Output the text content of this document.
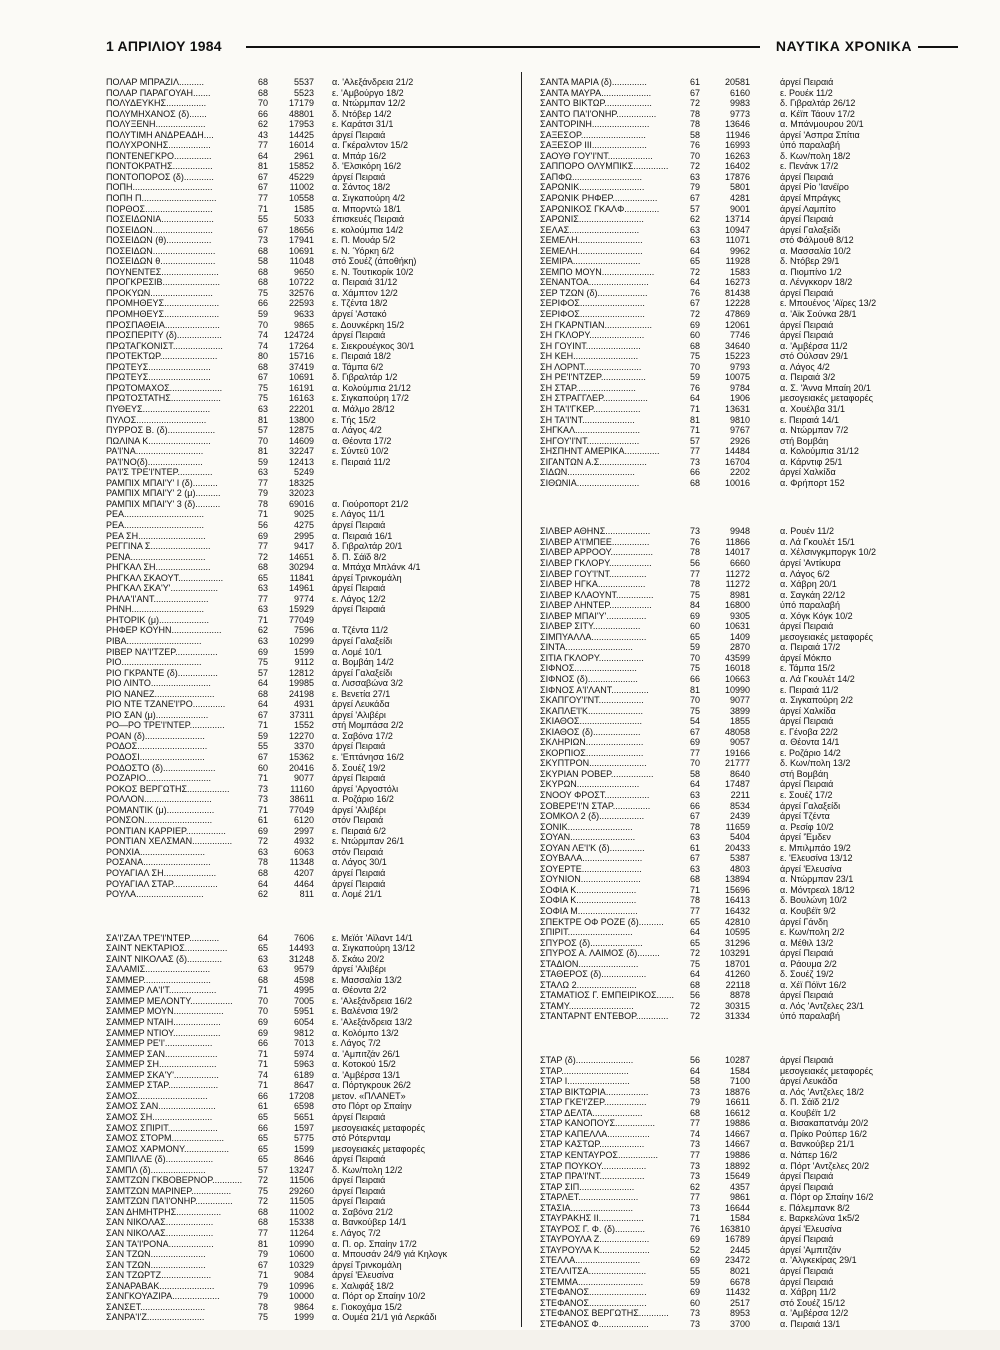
1 ΑΠΡΙΛΙΟΥ 1984	ΝΑΥΤΙΚΑ ΧΡΟΝΙΚΑ
ΠΟΛΑΡ ΜΠΡΑΖΙΛ..........	68	5537 α. 'Αλεξάνδρεια 21/2
ΠΟΛΑΡ ΠΑΡΑΓΟΥΑΗ.......	68	5523 ε. 'Αμβούργο 18/2
ΠΟΛΥΔΕΥΚΗΣ................	70	17179 α. Ντώρμπαν 12/2
ΠΟΛΥΜΗΧΑΝΟΣ (δ).......	66	48801 δ. Ντόβερ 14/2
ΠΟΛΥΞΕΝΗ....................	62	17953 ε. Καράτσι 31/1
ΠΟΛΥΤΙΜΗ ΑΝΔΡΕΑΔΗ....	43	14425 άργεί Πειραιά
ΠΟΛΥΧΡΟΝΗΣ.................	77	16014 α. Γκέραλντον 15/2
ΠΟΝΤΕΝΕΓΚΡΟ...............	64	2961 α. Μπάρ 16/2
ΠΟΝΤΟΚΡΑΤΗΣ................	81	15852 δ. 'Ελσικόρη 16/2
ΠΟΝΤΟΠΟΡΟΣ (δ)............	67	45229 άργεί Πειραιά
ΠΟΠΗ................................	67	11002 α. Σάντος 18/2
ΠΟΠΗ Π..............................	77	10558 α. Σιγκαπούρη 4/2
ΠΟΡΘΟΣ...........................	71	1585 α. Μπορντώ 18/1
ΠΟΣΕΙΔΩΝΙΑ.....................	55	5033 έπισκευές Πειραιά
ΠΟΣΕΙΔΩΝ........................	67	18656 ε. κολούμπια 14/2
ΠΟΣΕΙΔΩΝ (θ)..................	73	17941 ε. Π. Μουάρ 5/2
ΠΟΣΕΙΔΩΝ.........................	68	10691 ε. Ν. Ύόρκη 6/2
ΠΟΣΕΙΔΩΝ θ......................	58	11048 στό Σουέζ (άποθήκη)
ΠΟΥΝΕΝΤΕΣ.......................	68	9650 ε. Ν. Τουτικορίκ 10/2
ΠΡΟΓΚΡΕΣΙΒ.......................	68	10722 α. Πειραιά 31/12
ΠΡΟΚΥΩΝ.........................	75	32576 α. Χάμπτον 12/2
ΠΡΟΜΗΘΕΥΣ......................	66	22593 ε. Τζέντα 18/2
ΠΡΟΜΗΘΕΥΣ......................	59	9633 άργεί 'Αστακό
ΠΡΟΣΠΑΘΕΙΑ......................	70	9865 ε. Δουνκέρκη 15/2
ΠΡΟΣΠΕΡΙΤΥ (δ)..................	74	124724 άργεί Πειραιά
ΠΡΩΤΑΓΚΟΝΙΣΤ....................	74	17264 ε. Σιεκρουέγκος 30/1
ΠΡΟΤΕΚΤΩΡ.......................	80	15716 ε. Πειραιά 18/2
ΠΡΩΤΕΥΣ.........................	68	37419 α. Τάμπα 6/2
ΠΡΩΤΕΥΣ.........................	67	10691 δ. Γιβραλτάρ 1/2
ΠΡΩΤΟΜΑΧΟΣ.....................	75	16191 α. Κολούμπια 21/12
ΠΡΩΤΟΣΤΑΤΗΣ....................	75	16163 ε. Σιγκαπούρη 17/2
ΠΥΘΕΥΣ...........................	63	22201 α. Μάλμο 28/12
ΠΥΛΟΣ............................	81	13800 ε. Τής 15/2
ΠΥΡΡΟΣ Β. (δ)...................	57	12875 α. Λάγος 4/2
ΠΩΛΙΝΑ Κ.........................	70	14609 α. Θέοντα 17/2
ΡΑ'Ι'ΝΑ...........................	81	32247 ε. Σύντεϋ 10/2
ΡΑ'Ι'ΝΟ(δ)......................	59	12413 ε. Πειραιά 11/2
ΡΑ'Ι'Σ ΤΡΕ'Ι'ΝΤΕΡ..............	63	5249
ΡΑΜΠΙΧ ΜΠΑΙ'Υ' Ι (δ)..........	77	18325
ΡΑΜΠΙΧ ΜΠΑΙ'Υ' 2 (μ)..........	79	32023
ΡΑΜΠΙΧ ΜΠΑΙ'Υ' 3 (δ)..........	78	69016 α. Γιούροπορτ 21/2
ΡΕΑ................................	71	9025 ε. Λάγος 11/1
ΡΕΑ................................	56	4275 άργεί Πειραιά
ΡΕΑ ΣΗ...........................	69	2995 α. Πειραιά 16/1
ΡΕΓΓΙΝΑ Σ........................	77	9417 δ. Γιβραλτάρ 20/1
ΡΕΝΑ..............................	72	14651 δ. Π. Σάϊδ 8/2
ΡΗΓΚΑΛ ΣΗ......................	68	30294 α. Μπάχα Μπλάνκ 4/1
ΡΗΓΚΑΛ ΣΚΑΟΥΤ..................	65	11841 άργεί Τρινκομάλη
ΡΗΓΚΑΛ ΣΚΑ'Υ'...................	63	14961 άργεί Πειραιά
ΡΗΛΑ'Ι'ΑΝΤ......................	77	9774 ε. Λάγος 12/2
ΡΗΝΗ.............................	63	15929 άργεί Πειραιά
ΡΗΤΟΡΙΚ (μ)....................	71	77049
ΡΗΦΕΡ ΚΟΥΗΝ....................	62	7596 α. Τζέντα 11/2
ΡΙΒΑ..............................	63	10299 άργεί Γαλαξείδι
ΡΙΒΕΡ ΝΑ'Ι'ΤΖΕΡ.................	69	1599 α. Λομέ 10/1
ΡΙΟ................................	75	9112 α. Βομβάη 14/2
ΡΙΟ ΓΚΡΑΝΤΕ (δ)................	57	12812 άργεί Γαλαξείδι
ΡΙΟ ΛΙΝΤΟ........................	64	19985 α. Λισσαβώνα 3/2
ΡΙΟ ΝΑΝΕΖ........................	68	24198 ε. Βενετία 27/1
ΡΙΟ ΝΤΕ ΤΖΑΝΕ'Ι'ΡΟ.............	64	4931 άργεί Λευκάδα
ΡΙΟ ΣΑΝ (μ).....................	67	37311 άργεί 'Αλιβέρι
ΡΟ—ΡΟ ΤΡΕ'Ι'ΝΤΕΡ..............	71	1552 στή Μομπάσα 2/2
ΡΟΑΝ (δ)........................	59	12270 α. Σαβόνα 17/2
ΡΟΔΟΣ............................	55	3370 άργεί Πειραιά
ΡΟΔΟΣΙ..........................	67	15362 ε. 'Επτάνησα 16/2
ΡΟΔΟΣΤΟ (δ).....................	60	20416 δ. Σουέζ 19/2
ΡΟΖΑΡΙΟ..........................	71	9077 άργεί Πειραιά
ΡΟΚΟΣ ΒΕΡΓΩΤΗΣ.................	73	11160 άργεί 'Αργοστόλι
ΡΟΛΛΟΝ...........................	73	38611 α. Ροζάριο 16/2
ΡΟΜΑΝΤΙΚ (μ)...................	71	77049 άργεί 'Αλιβέρι
ΡΟΝΣΟΝ...........................	61	6120 στόν Πειραιά
ΡΟΝΤΙΑΝ ΚΑΡΡΙΕΡ................	69	2997 ε. Πειραιά 6/2
ΡΟΝΤΙΑΝ ΧΕΛΣΜΑΝ................	72	4932 ε. Ντώρμπαν 26/1
ΡΟΝΧΙΑ..........................	63	6063 στόν Πειραιά
ΡΟΣΑΝΑ...........................	78	11348 α. Λάγος 30/1
ΡΟΥΑΓΙΑΛ ΣΗ.....................	68	4207 άργεί Πειραιά
ΡΟΥΑΓΙΑΛ ΣΤΑΡ..................	64	4464 άργεί Πειραιά
ΡΟΥΛΑ...........................	62	811 α. Λομέ 21/1
ΣΑ'Ι'ΖΑΛ ΤΡΕ'Ι'ΝΤΕΡ............	64	7606 ε. Μεϊότ 'Αϊλαντ 14/1
ΣΑΙΝΤ ΝΕΚΤΑΡΙΟΣ.................	65	14493 α. Σιγκαπούρη 13/12
ΣΑΙΝΤ ΝΙΚΟΛΑΣ (δ)..............	63	31248 δ. Σκάω 20/2
ΣΑΛΑΜΙΣ..........................	63	9579 άργεί 'Αλιβέρι
ΣΑΜΜΕΡ...........................	68	4598 ε. Μασσαλία 13/2
ΣΑΜΜΕΡ ΛΑ'Ι'Τ...................	71	4995 α. Θέοντα 2/2
ΣΑΜΜΕΡ ΜΕΛΟΝΤΥ.................	70	7005 ε. 'Αλεξάνδρεια 16/2
ΣΑΜΜΕΡ ΜΟΥΝ....................	70	5951 ε. Βαλένσια 19/2
ΣΑΜΜΕΡ ΝΤΑΙΗ...................	69	6054 ε. 'Αλεξάνδρεια 13/2
ΣΑΜΜΕΡ ΝΤΙΟΥ...................	69	9812 α. Κολόμπο 13/2
ΣΑΜΜΕΡ ΡΕ'Ι'...................	66	7013 ε. Λάγος 7/2
ΣΑΜΜΕΡ ΣΑΝ.....................	71	5974 α. 'Αμπιτζάν 26/1
ΣΑΜΜΕΡ ΣΗ.......................	71	5963 α. Κοτοκού 15/2
ΣΑΜΜΕΡ ΣΚΑ'Υ'..................	74	6189 α. 'Αμβέρσα 13/1
ΣΑΜΜΕΡ ΣΤΑΡ....................	71	8647 α. Πόρτγκρουκ 26/2
ΣΑΜΟΣ............................	66	17208 μετον. «ΠΛΑΝΕΤ»
ΣΑΜΟΣ ΣΑΝ.......................	61	6598 στο Πόρτ ορ Σπαίην
ΣΑΜΟΣ ΣΗ........................	65	5651 άργεί Πειραιά
ΣΑΜΟΣ ΣΠΙΡΙΤ....................	66	1597 μεσογειακές μεταφορές
ΣΑΜΟΣ ΣΤΟΡΜ.....................	65	5775 στό Ρότερνταμ
ΣΑΜΟΣ ΧΑΡΜΟΝΥ..................	65	1599 μεσογειακές μεταφορές
ΣΑΜΠΙΛΛΕ (δ)...................	65	8646 άργεί Πειραιά
ΣΑΜΠΛ (δ)......................	57	13247 δ. Κων/πολη 12/2
ΣΑΜΤΖΩΝ ΓΚΒΟΒΕΡΝΟΡ............	72	11506 άργεί Πειραιά
ΣΑΜΤΖΩΝ ΜΑΡΙΝΕΡ................	75	29260 άργεί Πειραιά
ΣΑΜΤΖΩΝ ΠΑ'Ι'ΟΝΗΡ...............	72	11505 άργεί Πειραιά
ΣΑΝ ΔΗΜΗΤΡΗΣ..................	68	11002 α. Σαβόνα 21/2
ΣΑΝ ΝΙΚΟΛΑΣ...................	68	15338 α. Βανκούβερ 14/1
ΣΑΝ ΝΙΚΟΛΑΣ...................	77	11264 ε. Λάγος 7/2
ΣΑΝ ΤΑ'Ι'ΡΟΝΑ..................	81	10990 α. Π. ορ. Σπαίην 17/2
ΣΑΝ ΤΖΩΝ......................	79	10600 α. Μπουσάν 24/9 γιά Κηλογκ
ΣΑΝ ΤΖΩΝ......................	67	10329 άργεί Τρινκομάλη
ΣΑΝ ΤΖΩΡΤΖ....................	71	9084 άργεί 'Ελευσίνα
ΣΑΝΑΡΑΒΑΚ......................	79	10996 ε. Χαλιφάξ 18/2
ΣΑΝΓΚΟΥΑΖΙΡΑ...................	79	10000 α. Πόρτ ορ Σπαίην 10/2
ΣΑΝΣΕΤ..........................	78	9864 ε. Γιοκοχάμα 15/2
ΣΑΝΡΑ'Ι'Ζ.......................	75	1999 α. Ουμέα 21/1 γιά Λερκάδι
ΣΑΝΤΑ ΜΑΡΙΑ (δ)..............	61	20581	άργεί Πειραιά
ΣΑΝΤΑ ΜΑΥΡΑ....................	67	6160	ε. Ρουέκ 11/2
ΣΑΝΤΟ ΒΙΚΤΩΡ...................	72	9983	δ. Γιβραλτάρ 26/12
ΣΑΝΤΟ ΠΑ'Ι'ΟΝΗΡ................	78	9773	α. Κέϊπ Τάουν 17/2
ΣΑΝΤΟΡΙΝΗ.......................	78	13646	α. Μπάνμουρου 20/1
ΣΑΞΕΣΟΡ..........................	58	11946	άργεί 'Ασπρα Σπίτια
ΣΑΞΕΣΟΡ ΙΙΙ......................	76	16993	ύπό παραλαβή
ΣΑΟΥΘ ΓΟΥ'Ι'ΝΤ..................	70	16263	δ. Κων/πολη 18/2
ΣΑΠΠΟΡΟ ΟΛΥΜΠΙΚΣ..............	72	16402	ε. Πενάνκ 17/2
ΣΑΠΦΩ............................	63	17876	άργεί Πειραιά
ΣΑΡΩΝΙΚ..........................	79	5801	άργεί Ρίο 'Ιανέϊρο
ΣΑΡΩΝΙΚ ΡΗΦΕΡ..................	67	4281	άργεί Μπράγκς
ΣΑΡΩΝΙΚΟΣ ΓΚΑΛΦ..............	57	9001	άργεί Λαμπίτο
ΣΑΡΩΝΙΣ..........................	62	13714	άργεί Πειραιά
ΣΕΛΑΣ............................	63	10947	άργεί Γαλαξείδι
ΣΕΜΕΛΗ..........................	63	11071	στό Φάλμουθ 8/12
ΣΕΜΕΛΗ..........................	64	9962	α. Μασσαλία 10/2
ΣΕΜΙΡΑ...........................	65	11928	δ. Ντόβερ 29/1
ΣΕΜΠΟ ΜΟΥΝ.....................	72	1583	α. Πιομπίνο 1/2
ΣΕΝΑΝΤΟΑ........................	64	16273	α. Λένγκκορν 18/2
ΣΕΡ ΤΖΩΝ (δ)....................	76	81438	άργεί Πειραιά
ΣΕΡΙΦΟΣ..........................	67	12228	ε. Μπουένος 'Αϊρες 13/2
ΣΕΡΙΦΟΣ..........................	72	47869	α. 'Αϊκ Σούνκα 28/1
ΣΗ ΓΚΑΡΝΤΙΑΝ...................	69	12061	άργεί Πειραιά
ΣΗ ΓΚΛΟΡΥ......................	60	7746	άργεί Πειραιά
ΣΗ ΓΟΥΙΝΤ......................	68	34640	α. 'Αμβέρσα 11/2
ΣΗ ΚΕΗ..........................	75	15223	στό Ούλσαν 29/1
ΣΗ ΛΟΡΝΤ.......................	70	9793	α. Λάγος 4/2
ΣΗ ΡΕ'Ι'ΝΤΖΕΡ..................	59	10075	α. Πειραιά 3/2
ΣΗ ΣΤΑΡ........................	76	9784	α. Σ. 'Άννα Μπαίη 20/1
ΣΗ ΣΤΡΑΓΓΛΕΡ..................	64	1906	μεσογειακές μεταφορές
ΣΗ ΤΑ'Ι'ΓΚΕΡ...................	71	13631	α. Χουέλβα 31/1
ΣΗ ΤΑ'Ι'ΝΤ.....................	81	9810	ε. Πειραιά 14/1
ΣΗΓΚΑΛ..........................	71	9767	α. Ντώρμπαν 7/2
ΣΗΓΟΥ'Ι'ΝΤ.....................	57	2926	στή Βομβάη
ΣΗΣΠΗΝΤ ΑΜΕΡΙΚΑ..............	77	14484	α. Κολούμπια 31/12
ΣΙΓΑΝΤΩΝ Α.Σ...................	73	16704	α. Κάρντιφ 25/1
ΣΙΔΩΝ...........................	66	2202	άργεί Χαλκίδα
ΣΙΘΩΝΙΑ.........................	68	10016	α. Φρήπορτ 152
ΣΙΛΒΕΡ ΑΘΗΝΣ..................	73	9948	α. Ρουέν 11/2
ΣΙΛΒΕΡ Α'Ι'ΜΠΕΕ...............	76	11866	α. Λά Γκουλέτ 15/1
ΣΙΛΒΕΡ ΑΡΡΟΟΥ.................	78	14017	α. Χέλσινγκμποργκ 10/2
ΣΙΛΒΕΡ ΓΚΛΟΡΥ.................	56	6660	άργεί 'Αντίκυρα
ΣΙΛΒΕΡ ΓΟΥ'Ι'ΝΤ...............	77	11272	α. Λάγος 6/2
ΣΙΛΒΕΡ ΗΓΚΑ...................	78	11272	α. Χάβρη 20/1
ΣΙΛΒΕΡ ΚΛΑΟΥΝΤ...............	75	8981	α. Σαγκάη 22/12
ΣΙΛΒΕΡ ΛΗΝΤΕΡ.................	84	16800	ύπό παραλαβή
ΣΙΛΒΕΡ ΜΠΑΙ'Υ'................	69	9305	α. Χόγκ Κόγκ 10/2
ΣΙΛΒΕΡ ΣΙΤΥ...................	60	10631	άργεί Πειραιά
ΣΙΜΠΥΑΛΛΑ......................	65	1409	μεσογειακές μεταφορές
ΣΙΝΤΑ...........................	59	2870	α. Πειραιά 17/2
ΣΙΤΙΑ ΓΚΛΟΡΥ..................	70	43599	άργεί Μόκπο
ΣΙΦΝΟΣ.........................	75	16018	ε. Τάμπα 15/2
ΣΙΦΝΟΣ (δ)....................	66	10663	α. Λά Γκουλέτ 14/2
ΣΙΦΝΟΣ Α'Ι'ΛΑΝΤ...............	81	10990	ε. Πειραιά 11/2
ΣΚΑΠΓΟΥ'Ι'ΝΤ..................	70	9077	α. Σιγκαπούρη 2/2
ΣΚΑΠΛΕ'Ι'Κ......................	75	3899	άργεί Χαλκίδα
ΣΚΙΑΘΟΣ.........................	54	1855	άργεί Πειραιά
ΣΚΙΑΘΟΣ (δ)...................	67	48058	ε. Γένοβα 22/2
ΣΚΛΗΡΙΩΝ.......................	69	9057	α. Θέοντα 14/1
ΣΚΟΡΠΙΟΣ.......................	77	19166	ε. Ροζάριο 14/2
ΣΚΥΠΤΡΟΝ.......................	70	21777	δ. Κων/πολη 13/2
ΣΚΥΡΙΑΝ ΡΟΒΕΡ.................	58	8640	στή Βομβάη
ΣΚΥΡΩΝ.........................	64	17487	άργεί Πειραιά
ΣΝΟΟΥ ΦΡΟΣΤ..................	63	2211	ε. Σουέζ 17/2
ΣΟΒΕΡΕ'Ι'Ν ΣΤΑΡ...............	66	8534	άργεί Γαλαξείδι
ΣΟΜΚΟΛ 2 (δ)..................	67	2439	άργεί Τζέντα
ΣΟΝΙΚ..........................	78	11659	α. Ρεσίφ 10/2
ΣΟΥΑΝ..........................	63	5404	άργεί 'Έμδεν
ΣΟΥΑΝ ΛΕ'Ι'Κ (δ)..............	61	20433	ε. Μπιλμπάο 19/2
ΣΟΥΒΑΛΑ........................	67	5387	ε. 'Ελευσίνα 13/12
ΣΟΥΕΡΤΕ........................	63	4803	άργεί 'Ελευσίνα
ΣΟΥΝΙΟΝ........................	68	13894	α. Ντώρμπαν 23/1
ΣΟΦΙΑ Κ........................	71	15696	α. Μόντρεαλ 18/12
ΣΟΦΙΑ Κ........................	78	16413	δ. Βουλώνη 10/2
ΣΟΦΙΑ Μ........................	77	16432	α. Κουβέϊτ 9/2
ΣΠΕΚΤΡΕ ΟΦ ΡΟΖΕ (δ)..........	65	42810	άργεί Γάνδη
ΣΠΙΡΙΤ..........................	64	10595	ε. Κων/πολη 2/2
ΣΠΥΡΟΣ (δ).....................	65	31296	α. Μέθιλ 13/2
ΣΠΥΡΟΣ Α. ΛΑΙΜΟΣ (δ).........	72	103291	άργεί Πειραιά
ΣΤΑΔΙΟΝ........................	75	18701	α. Ράουμα 2/2
ΣΤΑΘΕΡΟΣ (δ)..................	64	41260	δ. Σουέζ 19/2
ΣΤΑΛΩ 2........................	68	22118	α. Χέϊ Πόϊντ 16/2
ΣΤΑΜΑΤΙΟΣ Γ. ΕΜΠΕΙΡΙΚΟΣ.......	56	8878	άργεί Πειραιά
ΣΤΑΜΥ..........................	72	30315	α. Λός 'Αντζελες 23/1
ΣΤΑΝΤΑΡΝΤ ΕΝΤΕΒΟΡ.............	72	31334	ύπό παραλαβή
ΣΤΑΡ (δ).......................	56	10287	άργεί Πειραιά
ΣΤΑΡ...........................	64	1584	μεσογειακές μεταφορές
ΣΤΑΡ Ι.........................	58	7100	άργεί Λευκάδα
ΣΤΑΡ ΒΙΚΤΩΡΙΑ.................	73	18876	α. Λός 'Αντζελες 18/2
ΣΤΑΡ ΓΚΕ'Ι'ΖΕΡ.................	79	16611	δ. Π. Σάϊδ 21/2
ΣΤΑΡ ΔΕΛΤΑ....................	68	16612	α. Κουβέϊτ 1/2
ΣΤΑΡ ΚΑΝΟΠΟΥΣ................	77	19886	α. Βισακαπατνάμ 20/2
ΣΤΑΡ ΚΑΠΕΛΛΑ.................	74	14667	α. Πρίκο Ρούπερ 16/2
ΣΤΑΡ ΚΑΣΤΩΡ..................	73	14667	α. Βανκούβερ 21/1
ΣΤΑΡ ΚΕΝΤΑΥΡΟΣ................	77	19886	α. Νάπερ 16/2
ΣΤΑΡ ΠΟΥΚΟΥ..................	73	18892	α. Πόρτ 'Αντζελες 20/2
ΣΤΑΡ ΠΡΑ'Ι'ΝΤ..................	73	15649	άργεί Πειραιά
ΣΤΑΡ ΣΙΠ......................	62	4357	άργεί Πειραιά
ΣΤΑΡΛΕΤ........................	77	9861	α. Πόρτ ορ Σπαίην 16/2
ΣΤΑΣΙΑ.........................	73	16644	ε. Πάλεμπανκ 8/2
ΣΤΑΥΡΑΚΗΣ ΙΙ..................	71	1584	ε. Βαρκελώνα 1κ5/2
ΣΤΑΥΡΟΣ Γ. Φ. (δ)............	76	163810	άργεί 'Ελευσίνα
ΣΤΑΥΡΟΥΛΑ Ζ....................	69	16789	άργεί Πειραιά
ΣΤΑΥΡΟΥΛΑ Κ....................	52	2445	άργεί 'Αμπιτζάν
ΣΤΕΛΛΑ..........................	69	23472	α. 'Αλγκεκίρας 29/1
ΣΤΕΛΛΙΤΣΑ.......................	55	8021	άργεί Πειραιά
ΣΤΕΜΜΑ..........................	59	6678	άργεί Πειραιά
ΣΤΕΦΑΝΟΣ.......................	69	11432	α. Χάβρη 11/2
ΣΤΕΦΑΝΟΣ.......................	60	2517	στό Σουέζ 15/12
ΣΤΕΦΑΝΟΣ ΒΕΡΓΩΤΗΣ............	73	8953	α. 'Αμβέρσα 12/2
ΣΤΕΦΑΝΟΣ Φ....................	73	3700	α. Πειραιά 13/1
